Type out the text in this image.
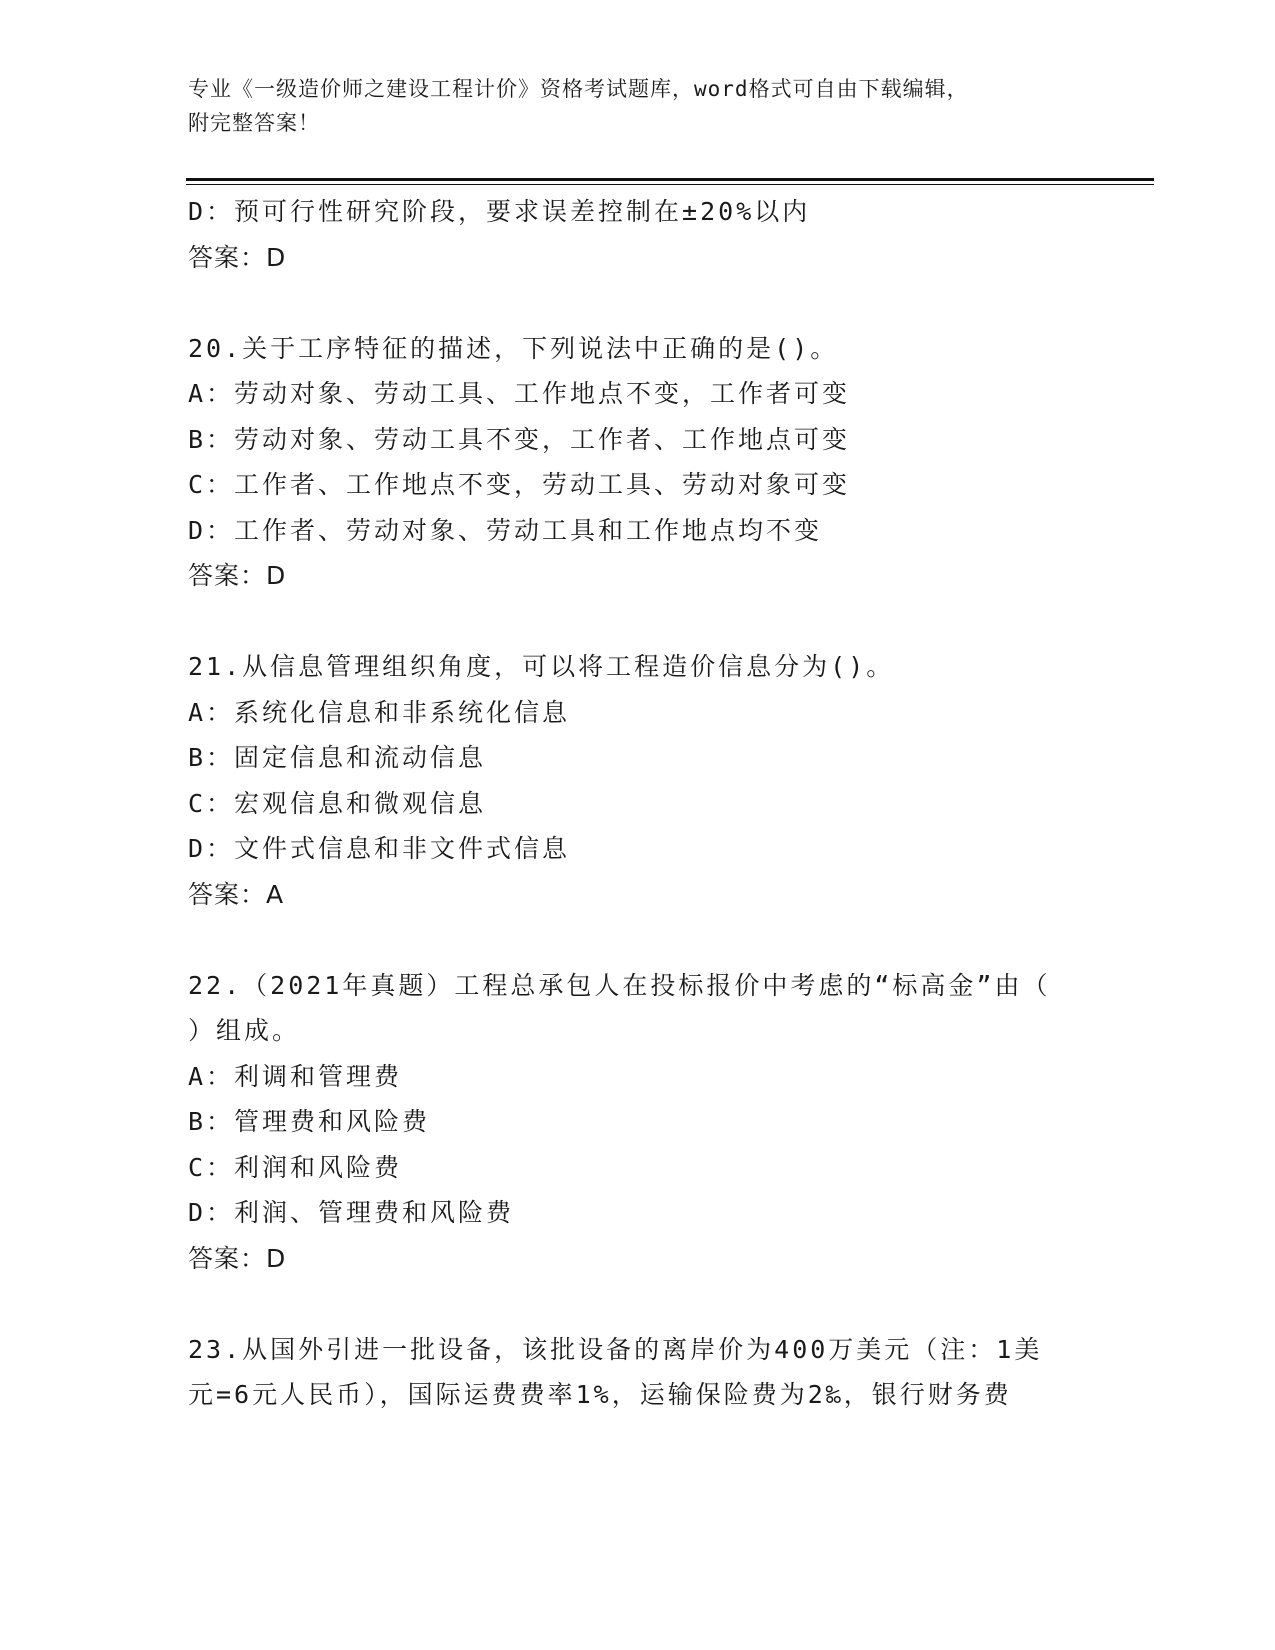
专业《一级造价师之建设工程计价》资格考试题库，word格式可自由下载编辑，
附完整答案！
D：预可行性研究阶段，要求误差控制在±20%以内
答案：D
20.关于工序特征的描述，下列说法中正确的是()。
A：劳动对象、劳动工具、工作地点不变，工作者可变
B：劳动对象、劳动工具不变，工作者、工作地点可变
C：工作者、工作地点不变，劳动工具、劳动对象可变
D：工作者、劳动对象、劳动工具和工作地点均不变
答案：D
21.从信息管理组织角度，可以将工程造价信息分为()。
A：系统化信息和非系统化信息
B：固定信息和流动信息
C：宏观信息和微观信息
D：文件式信息和非文件式信息
答案：A
22.（2021年真题）工程总承包人在投标报价中考虑的“标高金”由（
）组成。
A：利调和管理费
B：管理费和风险费
C：利润和风险费
D：利润、管理费和风险费
答案：D
23.从国外引进一批设备，该批设备的离岸价为400万美元（注：1美
元=6元人民币），国际运费费率1%，运输保险费为2‰，银行财务费
